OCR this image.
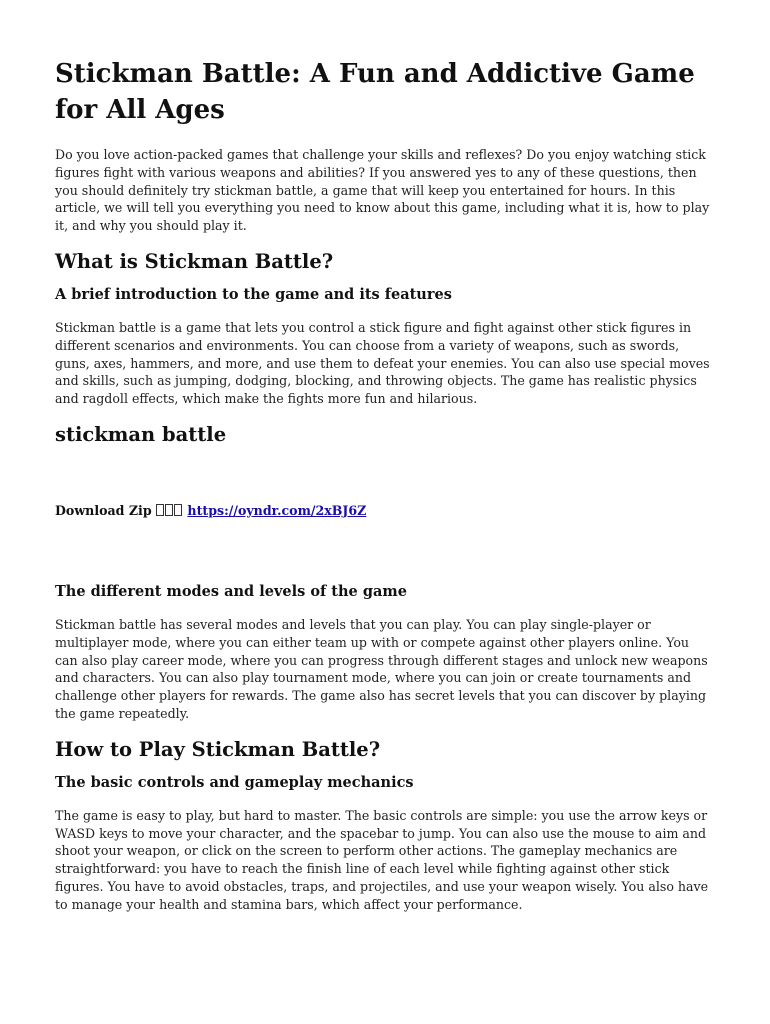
Stickman Battle: A Fun and Addictive Game for All Ages

Do you love action-packed games that challenge your skills and reflexes? Do you enjoy watching stick figures fight with various weapons and abilities? If you answered yes to any of these questions, then you should definitely try stickman battle, a game that will keep you entertained for hours. In this article, we will tell you everything you need to know about this game, including what it is, how to play it, and why you should play it.

What is Stickman Battle?
A brief introduction to the game and its features

Stickman battle is a game that lets you control a stick figure and fight against other stick figures in different scenarios and environments. You can choose from a variety of weapons, such as swords, guns, axes, hammers, and more, and use them to defeat your enemies. You can also use special moves and skills, such as jumping, dodging, blocking, and throwing objects. The game has realistic physics and ragdoll effects, which make the fights more fun and hilarious.

stickman battle
Download Zip	https://oyndr.com/2xBJ6Z
The different modes and levels of the game

Stickman battle has several modes and levels that you can play. You can play single-player or multiplayer mode, where you can either team up with or compete against other players online. You can also play career mode, where you can progress through different stages and unlock new weapons and characters. You can also play tournament mode, where you can join or create tournaments and challenge other players for rewards. The game also has secret levels that you can discover by playing the game repeatedly.

How to Play Stickman Battle?
The basic controls and gameplay mechanics

The game is easy to play, but hard to master. The basic controls are simple: you use the arrow keys or WASD keys to move your character, and the spacebar to jump. You can also use the mouse to aim and shoot your weapon, or click on the screen to perform other actions. The gameplay mechanics are straightforward: you have to reach the finish line of each level while fighting against other stick figures. You have to avoid obstacles, traps, and projectiles, and use your weapon wisely. You also have to manage your health and stamina bars, which affect your performance.
